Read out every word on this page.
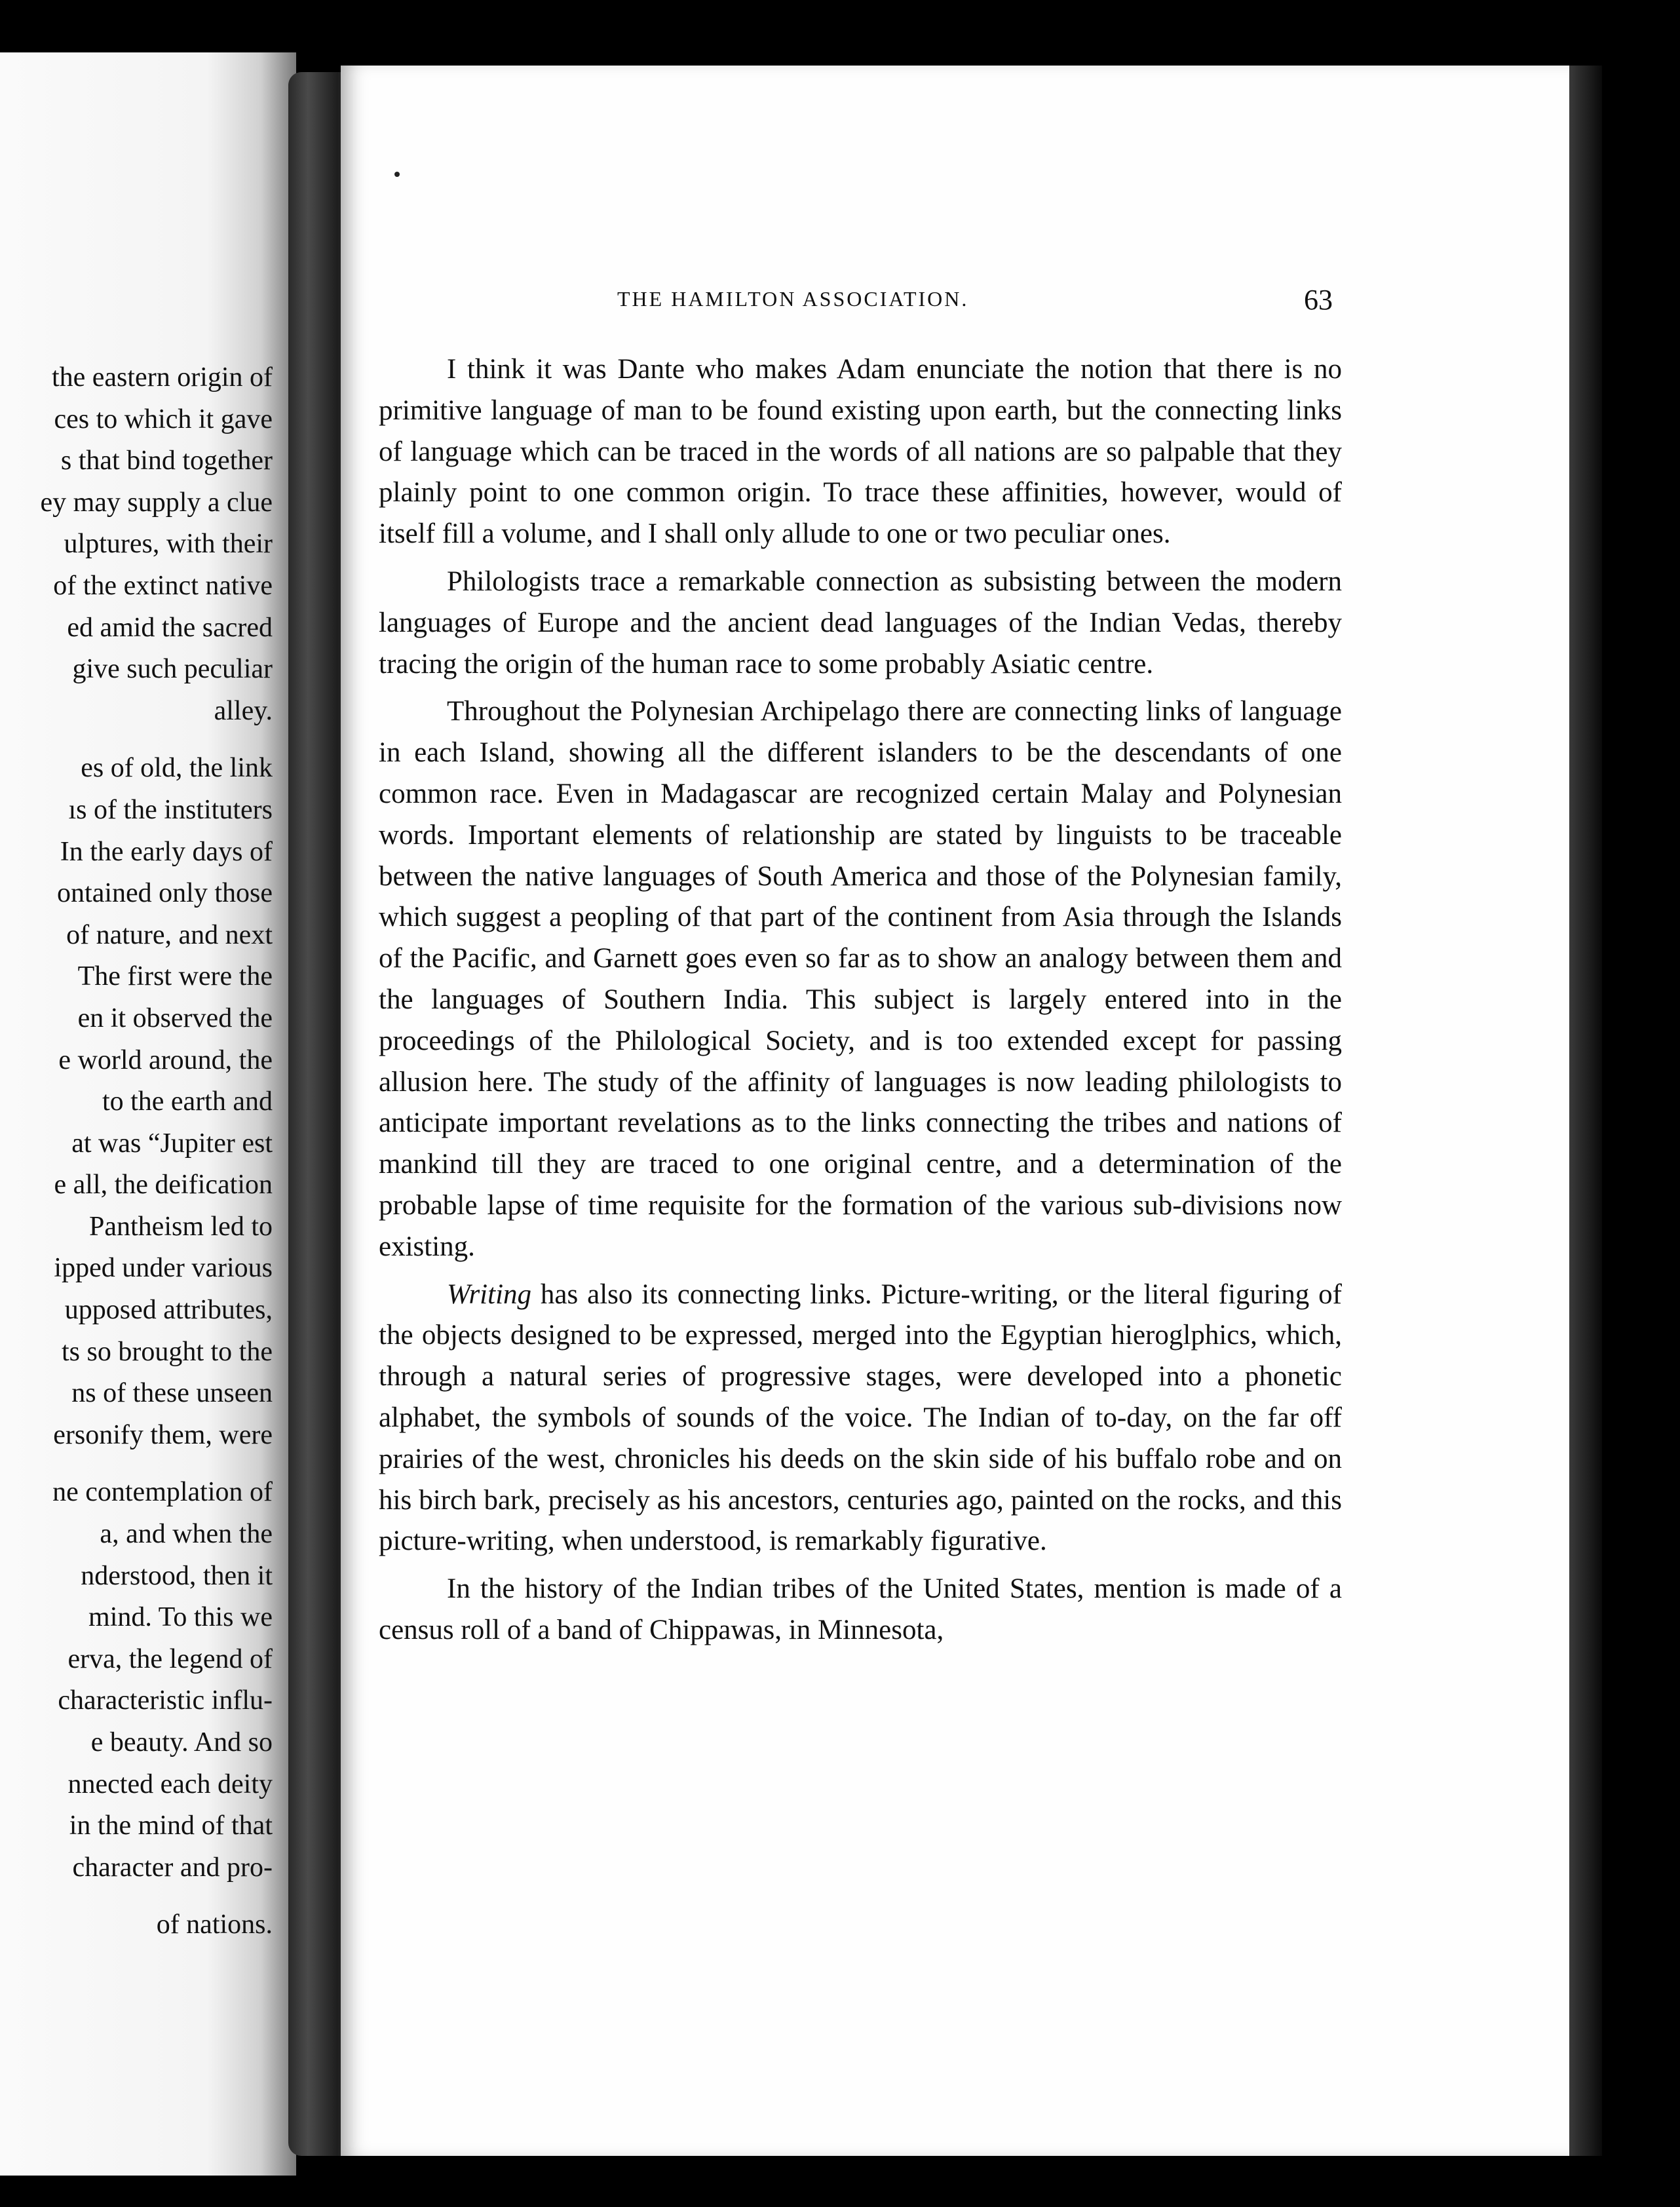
the eastern origin of
ces to which it gave
s that bind together
ey may supply a clue
ulptures, with their
of the extinct native
ed amid the sacred
give such peculiar
alley.
es of old, the link
ıs of the instituters
In the early days of
ontained only those
of nature, and next
The first were the
en it observed the
e world around, the
to the earth and
at was “Jupiter est
e all, the deification
Pantheism led to
ipped under various
upposed attributes,
ts so brought to the
ns of these unseen
ersonify them, were
ne contemplation of
a, and when the
nderstood, then it
mind. To this we
erva, the legend of
characteristic influ-
e beauty. And so
nnected each deity
in the mind of that
character and pro-
of nations.
THE HAMILTON ASSOCIATION.	63

I think it was Dante who makes Adam enunciate the notion that there is no primitive language of man to be found existing upon earth, but the connecting links of language which can be traced in the words of all nations are so palpable that they plainly point to one common origin. To trace these affinities, however, would of itself fill a volume, and I shall only allude to one or two peculiar ones.

Philologists trace a remarkable connection as subsisting between the modern languages of Europe and the ancient dead languages of the Indian Vedas, thereby tracing the origin of the human race to some probably Asiatic centre.

Throughout the Polynesian Archipelago there are connecting links of language in each Island, showing all the different islanders to be the descendants of one common race. Even in Madagascar are recognized certain Malay and Polynesian words. Important elements of relationship are stated by linguists to be traceable between the native languages of South America and those of the Polynesian family, which suggest a peopling of that part of the continent from Asia through the Islands of the Pacific, and Garnett goes even so far as to show an analogy between them and the languages of Southern India. This subject is largely entered into in the proceedings of the Philological Society, and is too extended except for passing allusion here. The study of the affinity of languages is now leading philologists to anticipate important revelations as to the links connecting the tribes and nations of mankind till they are traced to one original centre, and a determination of the probable lapse of time requisite for the formation of the various sub-divisions now existing.

Writing has also its connecting links. Picture-writing, or the literal figuring of the objects designed to be expressed, merged into the Egyptian hieroglphics, which, through a natural series of progressive stages, were developed into a phonetic alphabet, the symbols of sounds of the voice. The Indian of to-day, on the far off prairies of the west, chronicles his deeds on the skin side of his buffalo robe and on his birch bark, precisely as his ancestors, centuries ago, painted on the rocks, and this picture-writing, when understood, is remarkably figurative.

In the history of the Indian tribes of the United States, mention is made of a census roll of a band of Chippawas, in Minnesota,
